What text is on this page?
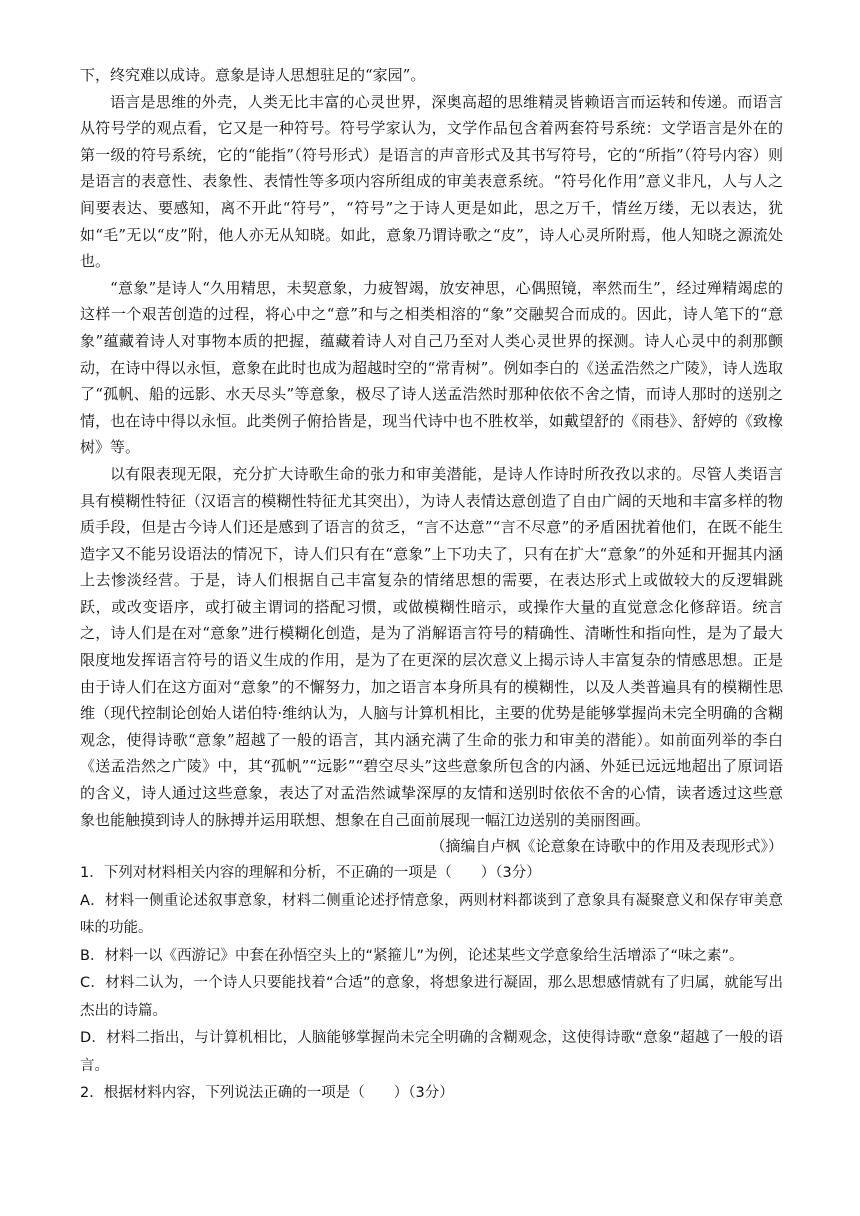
下，终究难以成诗。意象是诗人思想驻足的“家园”。

语言是思维的外壳，人类无比丰富的心灵世界，深奥高超的思维精灵皆赖语言而运转和传递。而语言从符号学的观点看，它又是一种符号。符号学家认为，文学作品包含着两套符号系统：文学语言是外在的第一级的符号系统，它的“能指”（符号形式）是语言的声音形式及其书写符号，它的“所指”（符号内容）则是语言的表意性、表象性、表情性等多项内容所组成的审美表意系统。“符号化作用”意义非凡，人与人之间要表达、要感知，离不开此“符号”，“符号”之于诗人更是如此，思之万千，情丝万缕，无以表达，犹如“毛”无以“皮”附，他人亦无从知晓。如此，意象乃谓诗歌之“皮”，诗人心灵所附焉，他人知晓之源流处也。

“意象”是诗人“久用精思，未契意象，力疲智竭，放安神思，心偶照镜，率然而生”，经过殚精竭虑的这样一个艰苦创造的过程，将心中之“意”和与之相类相溶的“象”交融契合而成的。因此，诗人笔下的“意象”蕴藏着诗人对事物本质的把握，蕴藏着诗人对自己乃至对人类心灵世界的探测。诗人心灵中的刹那颤动，在诗中得以永恒，意象在此时也成为超越时空的“常青树”。例如李白的《送孟浩然之广陵》，诗人选取了“孤帆、船的远影、水天尽头”等意象，极尽了诗人送孟浩然时那种依依不舍之情，而诗人那时的送别之情，也在诗中得以永恒。此类例子俯拾皆是，现当代诗中也不胜枚举，如戴望舒的《雨巷》、舒婷的《致橡树》等。

以有限表现无限，充分扩大诗歌生命的张力和审美潜能，是诗人作诗时所孜孜以求的。尽管人类语言具有模糊性特征（汉语言的模糊性特征尤其突出），为诗人表情达意创造了自由广阔的天地和丰富多样的物质手段，但是古今诗人们还是感到了语言的贫乏，“言不达意”“言不尽意”的矛盾困扰着他们，在既不能生造字又不能另设语法的情况下，诗人们只有在“意象”上下功夫了，只有在扩大“意象”的外延和开掘其内涵上去惨淡经营。于是，诗人们根据自己丰富复杂的情绪思想的需要，在表达形式上或做较大的反逻辑跳跃，或改变语序，或打破主谓词的搭配习惯，或做模糊性暗示，或操作大量的直觉意念化修辞语。统言之，诗人们是在对“意象”进行模糊化创造，是为了消解语言符号的精确性、清晰性和指向性，是为了最大限度地发挥语言符号的语义生成的作用，是为了在更深的层次意义上揭示诗人丰富复杂的情感思想。正是由于诗人们在这方面对“意象”的不懈努力，加之语言本身所具有的模糊性，以及人类普遍具有的模糊性思维（现代控制论创始人诺伯特·维纳认为，人脑与计算机相比，主要的优势是能够掌握尚未完全明确的含糊观念，使得诗歌“意象”超越了一般的语言，其内涵充满了生命的张力和审美的潜能）。如前面列举的李白《送孟浩然之广陵》中，其“孤帆”“远影”“碧空尽头”这些意象所包含的内涵、外延已远远地超出了原词语的含义，诗人通过这些意象，表达了对孟浩然诚挚深厚的友情和送别时依依不舍的心情，读者透过这些意象也能触摸到诗人的脉搏并运用联想、想象在自己面前展现一幅江边送别的美丽图画。

（摘编自卢枫《论意象在诗歌中的作用及表现形式》）

1．下列对材料相关内容的理解和分析，不正确的一项是（　　）（3分）

A．材料一侧重论述叙事意象，材料二侧重论述抒情意象，两则材料都谈到了意象具有凝聚意义和保存审美意味的功能。

B．材料一以《西游记》中套在孙悟空头上的“紧箍儿”为例，论述某些文学意象给生活增添了“味之素”。

C．材料二认为，一个诗人只要能找着“合适”的意象，将想象进行凝固，那么思想感情就有了归属，就能写出杰出的诗篇。

D．材料二指出，与计算机相比，人脑能够掌握尚未完全明确的含糊观念，这使得诗歌“意象”超越了一般的语言。

2．根据材料内容，下列说法正确的一项是（　　）（3分）
